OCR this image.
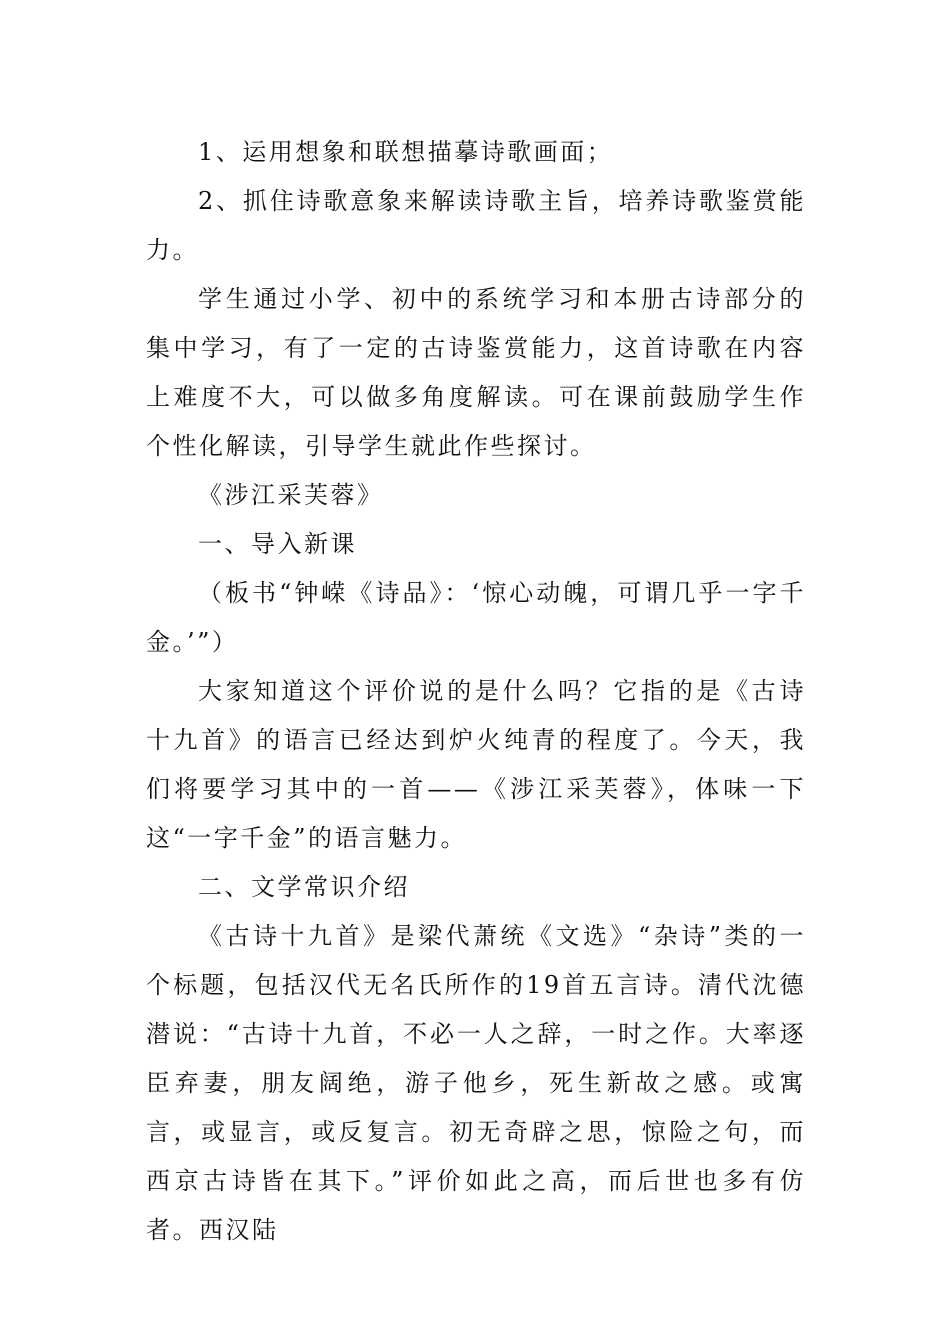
1、运用想象和联想描摹诗歌画面；

2、抓住诗歌意象来解读诗歌主旨，培养诗歌鉴赏能力。

学生通过小学、初中的系统学习和本册古诗部分的集中学习，有了一定的古诗鉴赏能力，这首诗歌在内容上难度不大，可以做多角度解读。可在课前鼓励学生作个性化解读，引导学生就此作些探讨。

《涉江采芙蓉》

一、导入新课

（板书“钟嵘《诗品》：‘惊心动魄，可谓几乎一字千金。’”）

大家知道这个评价说的是什么吗？它指的是《古诗十九首》的语言已经达到炉火纯青的程度了。今天，我们将要学习其中的一首——《涉江采芙蓉》，体味一下这“一字千金”的语言魅力。

二、文学常识介绍

《古诗十九首》是梁代萧统《文选》“杂诗”类的一个标题，包括汉代无名氏所作的19首五言诗。清代沈德潜说：“古诗十九首，不必一人之辞，一时之作。大率逐臣弃妻，朋友阔绝，游子他乡，死生新故之感。或寓言，或显言，或反复言。初无奇辟之思，惊险之句，而西京古诗皆在其下。”评价如此之高，而后世也多有仿者。西汉陆
